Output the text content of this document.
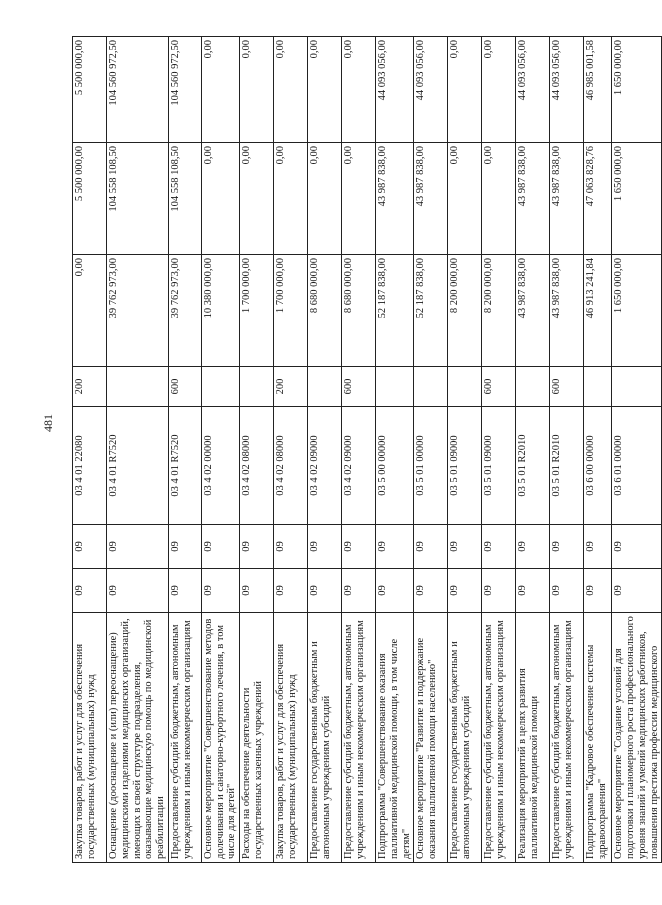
481
Закупка товаров, работ и услуг для обеспечения государственных (муниципальных) нужд	09	09	03 4 01 22080	200	0,00	5 500 000,00	5 500 000,00
Оснащение (дооснащение и (или) переоснащение) медицинскими изделиями медицинских организаций, имеющих в своей структуре подразделения, оказывающие медицинскую помощь по медицинской реабилитации	09	09	03 4 01 R7520		39 762 973,00	104 558 108,50	104 560 972,50
Предоставление субсидий бюджетным, автономным учреждениям и иным некоммерческим организациям	09	09	03 4 01 R7520	600	39 762 973,00	104 558 108,50	104 560 972,50
Основное мероприятие "Совершенствование методов долечивания и санаторно-курортного лечения, в том числе для детей"	09	09	03 4 02 00000		10 380 000,00	0,00	0,00
Расходы на обеспечение деятельности государственных казенных учреждений	09	09	03 4 02 08000		1 700 000,00	0,00	0,00
Закупка товаров, работ и услуг для обеспечения государственных (муниципальных) нужд	09	09	03 4 02 08000	200	1 700 000,00	0,00	0,00
Предоставление государственным бюджетным и автономным учреждениям субсидий	09	09	03 4 02 09000		8 680 000,00	0,00	0,00
Предоставление субсидий бюджетным, автономным учреждениям и иным некоммерческим организациям	09	09	03 4 02 09000	600	8 680 000,00	0,00	0,00
Подпрограмма "Совершенствование оказания паллиативной медицинской помощи, в том числе детям"	09	09	03 5 00 00000		52 187 838,00	43 987 838,00	44 093 056,00
Основное мероприятие "Развитие и поддержание оказания паллиативной помощи населению"	09	09	03 5 01 00000		52 187 838,00	43 987 838,00	44 093 056,00
Предоставление государственным бюджетным и автономным учреждениям субсидий	09	09	03 5 01 09000		8 200 000,00	0,00	0,00
Предоставление субсидий бюджетным, автономным учреждениям и иным некоммерческим организациям	09	09	03 5 01 09000	600	8 200 000,00	0,00	0,00
Реализация мероприятий в целях развития паллиативной медицинской помощи	09	09	03 5 01 R2010		43 987 838,00	43 987 838,00	44 093 056,00
Предоставление субсидий бюджетным, автономным учреждениям и иным некоммерческим организациям	09	09	03 5 01 R2010	600	43 987 838,00	43 987 838,00	44 093 056,00
Подпрограмма "Кадровое обеспечение системы здравоохранения"	09	09	03 6 00 00000		46 913 241,84	47 063 828,76	46 985 001,58
Основное мероприятие "Создание условий для подготовки и планомерного роста профессионального уровня знаний и умений медицинских работников, повышения престижа профессии медицинского	09	09	03 6 01 00000		1 650 000,00	1 650 000,00	1 650 000,00
